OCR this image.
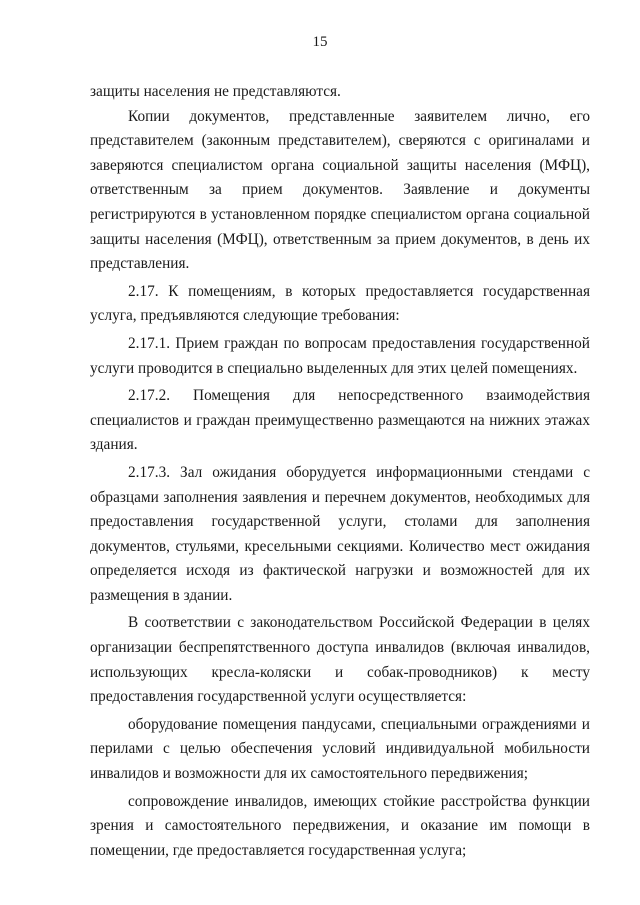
15

защиты населения не представляются.

Копии документов, представленные заявителем лично, его представителем (законным представителем), сверяются с оригиналами и заверяются специалистом органа социальной защиты населения (МФЦ), ответственным за прием документов. Заявление и документы регистрируются в установленном порядке специалистом органа социальной защиты населения (МФЦ), ответственным за прием документов, в день их представления.

2.17. К помещениям, в которых предоставляется государственная услуга, предъявляются следующие требования:

2.17.1. Прием граждан по вопросам предоставления государственной услуги проводится в специально выделенных для этих целей помещениях.

2.17.2. Помещения для непосредственного взаимодействия специалистов и граждан преимущественно размещаются на нижних этажах здания.

2.17.3. Зал ожидания оборудуется информационными стендами с образцами заполнения заявления и перечнем документов, необходимых для предоставления государственной услуги, столами для заполнения документов, стульями, кресельными секциями. Количество мест ожидания определяется исходя из фактической нагрузки и возможностей для их размещения в здании.

В соответствии с законодательством Российской Федерации в целях организации беспрепятственного доступа инвалидов (включая инвалидов, использующих кресла-коляски и собак-проводников) к месту предоставления государственной услуги осуществляется:

оборудование помещения пандусами, специальными ограждениями и перилами с целью обеспечения условий индивидуальной мобильности инвалидов и возможности для их самостоятельного передвижения;

сопровождение инвалидов, имеющих стойкие расстройства функции зрения и самостоятельного передвижения, и оказание им помощи в помещении, где предоставляется государственная услуга;
